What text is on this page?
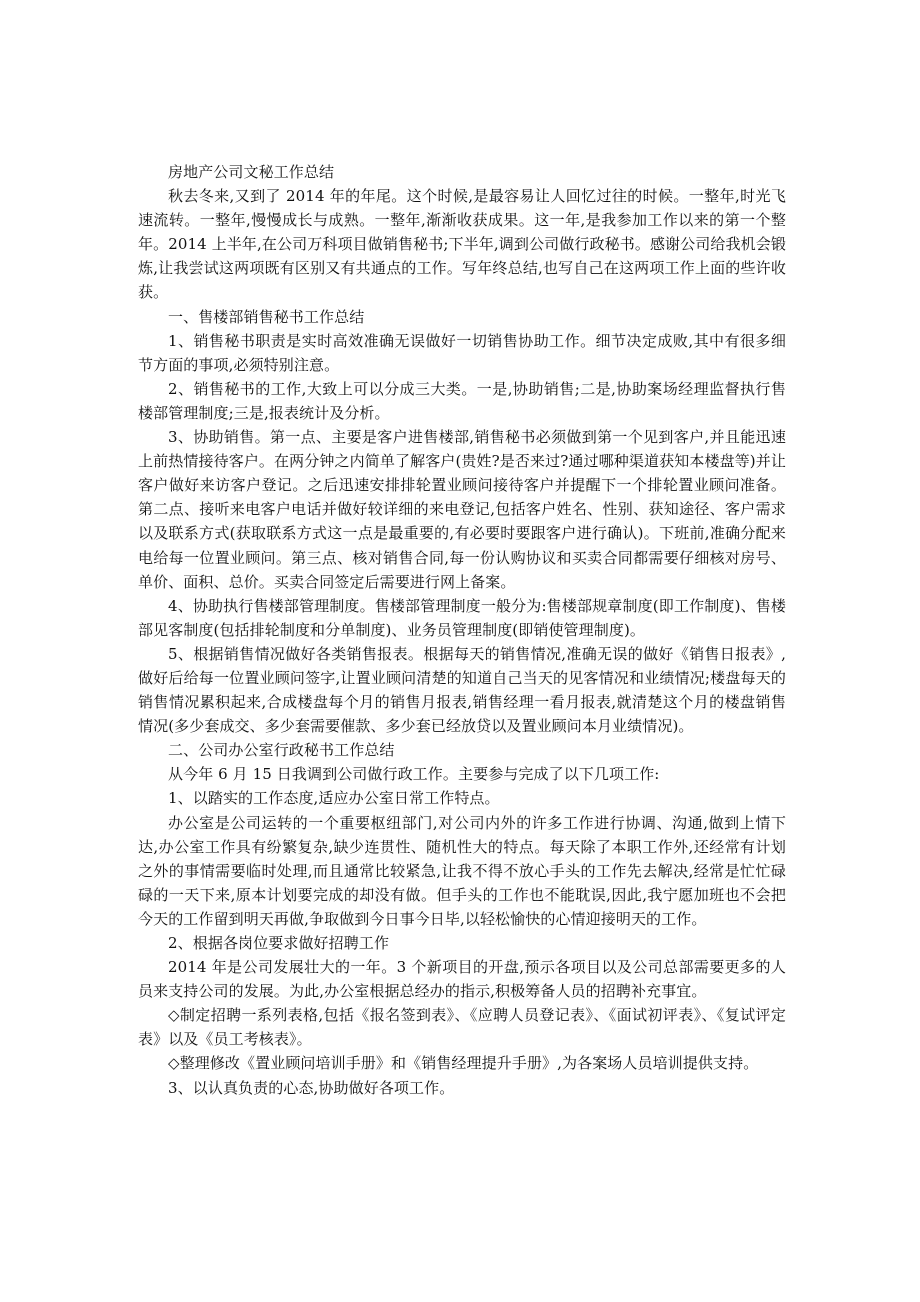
房地产公司文秘工作总结

秋去冬来,又到了 2014 年的年尾。这个时候,是最容易让人回忆过往的时候。一整年,时光飞速流转。一整年,慢慢成长与成熟。一整年,渐渐收获成果。这一年,是我参加工作以来的第一个整年。2014 上半年,在公司万科项目做销售秘书;下半年,调到公司做行政秘书。感谢公司给我机会锻炼,让我尝试这两项既有区别又有共通点的工作。写年终总结,也写自己在这两项工作上面的些许收获。

一、售楼部销售秘书工作总结

1、销售秘书职责是实时高效准确无误做好一切销售协助工作。细节决定成败,其中有很多细节方面的事项,必须特别注意。

2、销售秘书的工作,大致上可以分成三大类。一是,协助销售;二是,协助案场经理监督执行售楼部管理制度;三是,报表统计及分析。

3、协助销售。第一点、主要是客户进售楼部,销售秘书必须做到第一个见到客户,并且能迅速上前热情接待客户。在两分钟之内简单了解客户(贵姓?是否来过?通过哪种渠道获知本楼盘等)并让客户做好来访客户登记。之后迅速安排排轮置业顾问接待客户并提醒下一个排轮置业顾问准备。第二点、接听来电客户电话并做好较详细的来电登记,包括客户姓名、性别、获知途径、客户需求以及联系方式(获取联系方式这一点是最重要的,有必要时要跟客户进行确认)。下班前,准确分配来电给每一位置业顾问。第三点、核对销售合同,每一份认购协议和买卖合同都需要仔细核对房号、单价、面积、总价。买卖合同签定后需要进行网上备案。

4、协助执行售楼部管理制度。售楼部管理制度一般分为:售楼部规章制度(即工作制度)、售楼部见客制度(包括排轮制度和分单制度)、业务员管理制度(即销使管理制度)。

5、根据销售情况做好各类销售报表。根据每天的销售情况,准确无误的做好《销售日报表》,做好后给每一位置业顾问签字,让置业顾问清楚的知道自己当天的见客情况和业绩情况;楼盘每天的销售情况累积起来,合成楼盘每个月的销售月报表,销售经理一看月报表,就清楚这个月的楼盘销售情况(多少套成交、多少套需要催款、多少套已经放贷以及置业顾问本月业绩情况)。

二、公司办公室行政秘书工作总结

从今年 6 月 15 日我调到公司做行政工作。主要参与完成了以下几项工作:

1、以踏实的工作态度,适应办公室日常工作特点。

办公室是公司运转的一个重要枢纽部门,对公司内外的许多工作进行协调、沟通,做到上情下达,办公室工作具有纷繁复杂,缺少连贯性、随机性大的特点。每天除了本职工作外,还经常有计划之外的事情需要临时处理,而且通常比较紧急,让我不得不放心手头的工作先去解决,经常是忙忙碌碌的一天下来,原本计划要完成的却没有做。但手头的工作也不能耽误,因此,我宁愿加班也不会把今天的工作留到明天再做,争取做到今日事今日毕,以轻松愉快的心情迎接明天的工作。

2、根据各岗位要求做好招聘工作

2014 年是公司发展壮大的一年。3 个新项目的开盘,预示各项目以及公司总部需要更多的人员来支持公司的发展。为此,办公室根据总经办的指示,积极筹备人员的招聘补充事宜。

◇制定招聘一系列表格,包括《报名签到表》、《应聘人员登记表》、《面试初评表》、《复试评定表》以及《员工考核表》。

◇整理修改《置业顾问培训手册》和《销售经理提升手册》,为各案场人员培训提供支持。

3、以认真负责的心态,协助做好各项工作。
